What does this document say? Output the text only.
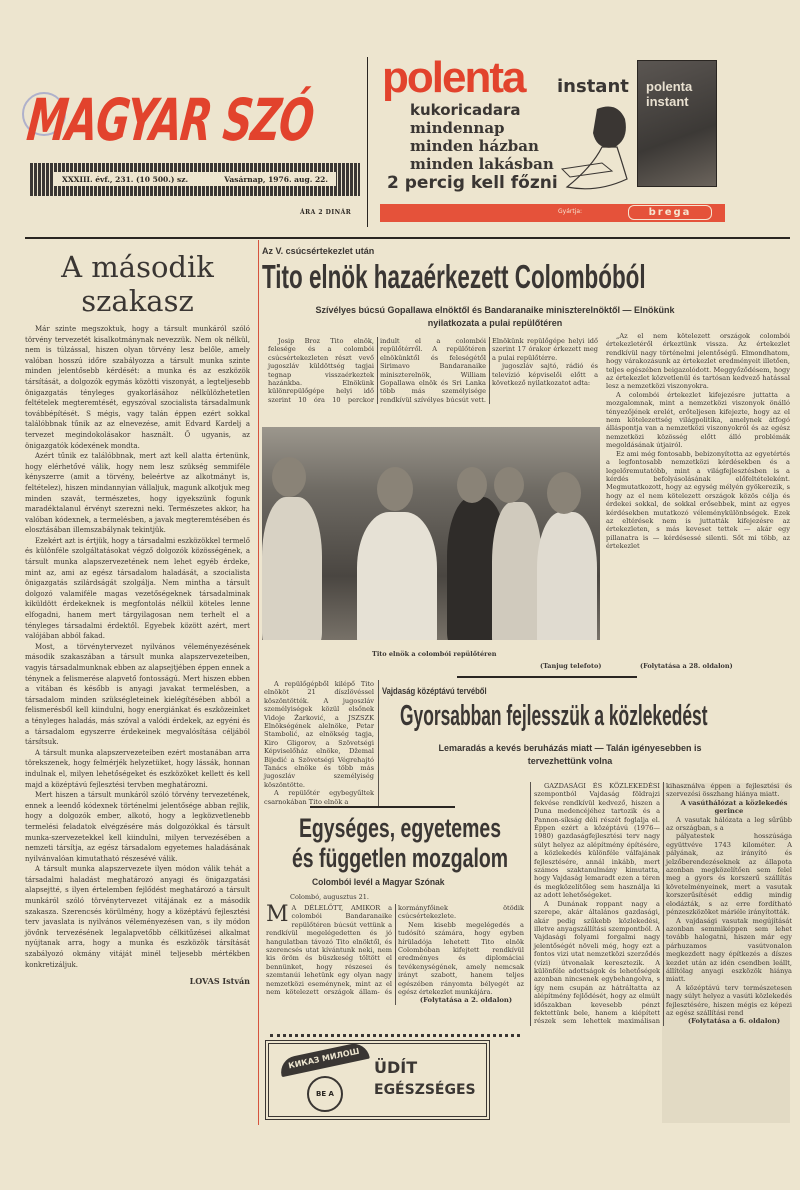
MAGYAR SZÓ
XXXIII. évf., 231. (10 500.) sz.	Vasárnap, 1976. aug. 22.
ÁRA 2 DINÁR
polenta instant
kukoricadara
mindennap
minden házban
minden lakásban
2 percig kell főzni
polenta instant
Gyártja:	brega
A második
szakasz

Már szinte megszoktuk, hogy a társult munkáról szóló törvény tervezetét kisalkotmánynak nevezzük. Nem ok nélkül, nem is túlzással, hiszen olyan törvény lesz belőle, amely valóban hosszú időre szabályozza a társult munka szinte minden jelentősebb kérdését: a munka és az eszközök társítását, a dolgozók egymás közötti viszonyát, a legteljesebb önigazgatás tényleges gyakorlásához nélkülözhetetlen feltételek megteremtését, egyszóval szocialista társadalmunk továbbépítését. S mégis, vagy talán éppen ezért sokkal találóbbnak tűnik az az elnevezése, amit Edvard Kardelj a tervezet megindokolásakor használt. Ő ugyanis, az önigazgatók kódexének mondta.

Azért tűnik ez találóbbnak, mert azt kell alatta értenünk, hogy elérhetővé válik, hogy nem lesz szükség semmiféle kényszerre (amit a törvény, beleértve az alkotmányt is, feltételez), hiszen mindannyian vállaljuk, magunk alkotjuk meg minden szavát, természetes, hogy igyekszünk fogunk maradéktalanul érvényt szerezni neki. Természetes akkor, ha valóban kódexnek, a termelésben, a javak megteremtésében és elosztásában illemszabálynak tekintjük.

Ezekért azt is értjük, hogy a társadalmi eszközökkel termelő és különféle szolgáltatásokat végző dolgozók közösségének, a társult munka alapszervezetének nem lehet egyéb érdeke, mint az, ami az egész társadalom haladását, a szocialista önigazgatás szilárdságát szolgálja. Nem mintha a társult dolgozó valamiféle magas vezetőségeknek társadalminak kiküldött érdekeknek is megfontolás nélkül köteles lenne elfogadni, hanem mert tárgyilagosan nem terhelt el a tényleges társadalmi érdektől. Egyebek között azért, mert valójában abból fakad.

Most, a törvénytervezet nyilvános véleményezésének második szakaszában a társult munka alapszervezeteiben, vagyis társadalmunknak ebben az alapsejtjében éppen ennek a ténynek a felismerése alapvető fontosságú. Mert hiszen ebben a vitában és később is anyagi javakat termelésben, a társadalom minden szükségleteinek kielégítésében abból a felismerésből kell kiindulni, hogy energiánkat és eszközeinket a tényleges haladás, más szóval a valódi érdekek, az egyéni és a társadalom egyszerre érdekeinek megvalósítása céljából társítsuk.

A társult munka alapszervezeteiben ezért mostanában arra törekszenek, hogy felmérjék helyzetüket, hogy lássák, honnan indulnak el, milyen lehetőségeket és eszközöket kellett és kell majd a középtávú fejlesztési tervben meghatározni.

Mert hiszen a társult munkáról szóló törvény tervezetének, ennek a leendő kódexnek történelmi jelentősége abban rejlik, hogy a dolgozók ember, alkotó, hogy a legközvetlenebb termelési feladatok elvégzésére más dolgozókkal és társult munka-szervezetekkel kell kiindulni, milyen tervezésében a nemzeti társítja, az egész társadalom egyetemes haladásának nyilvánvalóan kimutatható részesévé válik.

A társult munka alapszervezete ilyen módon válik tehát a társadalmi haladást meghatározó anyagi és önigazgatási alapsejtté, s ilyen értelemben fejlődést meghatározó a társult munkáról szóló törvénytervezet vitájának ez a második szakasza. Szerencsés körülmény, hogy a középtávú fejlesztési terv javaslata is nyilvános véleményezésen van, s ily módon jövőnk tervezésének legalapvetőbb célkitűzései alkalmat nyújtanak arra, hogy a munka és eszközök társítását szabályozó okmány vitáját minél teljesebb mértékben konkretizáljuk.

LOVAS István
Az V. csúcsértekezlet után
Tito elnök hazaérkezett Colombóból
Szívélyes búcsú Gopallawa elnöktől és Bandaranaike miniszterelnöktől — Elnökünk nyilatkozata a pulai repülőtéren

Josip Broz Tito elnök, felesége és a colombói csúcsértekezleten részt vevő jugoszláv küldöttség tagjai tegnap visszaérkeztek hazánkba. Elnökünk különrepülőgépe helyi idő szerint 10 óra 10 perckor indult el a colombói repülőtérről. A repülőtéren elnökünktől és feleségétől Sirimavo Bandaranaike miniszterelnök, William Gopallawa elnök és Sri Lanka több más személyisége rendkívül szívélyes búcsút vett. Elnökünk repülőgépe helyi idő szerint 17 órakor érkezett meg a pulai repülőtérre.

jugoszláv sajtó, rádió és televízió képviselői előtt a következő nyilatkozatot adta:

„Az el nem kötelezett országok colombói értekezletéről érkeztünk vissza. Az értekezlet rendkívül nagy történelmi jelentőségű. Elmondhatom, hogy várakozásunk az értekezlet eredményeit illetően, teljes egészében beigazolódott. Meggyőződésem, hogy az értekezlet közvetlenül és tartósan kedvező hatással lesz a nemzetközi viszonyokra.

A colombói értekezlet kifejezésre juttatta a mozgalomnak, mint a nemzetközi viszonyok önálló tényezőjének erelét, erőteljesen kifejezte, hogy az el nem kötelezettség világpolitika, amelynek átfogó álláspontja van a nemzetközi viszonyokról és az egész nemzetközi közösség előtt álló problémák megoldásának útjairól.

Ez ami még fontosabb, bebizonyította az egyetértés a legfontosabb nemzetközi kérdésekben és a legelőremutatóbb, mint a világfejlesztésben is a kérdés befolyásolásának előfeltételeként. Megmutatkozott, hogy az egység mélyén gyökerezik, s hogy az el nem kötelezett országok közös célja és érdekei sokkal, de sokkal erősebbek, mint az egyes kérdésekben mutatkozó véleménykülönbségek. Ezek az eltérések nem is juttatták kifejezésre az értekezleten, s más keveset tettek — akár egy pillanatra is — kérdésessé silenti. Sőt mi több, az értekezlet

(Folytatása a 28. oldalon)
Tito elnök a colombói repülőtéren
(Tanjug telefoto)

A repülőgépből kilépő Tito elnököt 21 díszlövéssel köszöntötték. A jugoszláv személyiségek közül elsőnek Vidoje Žarković, a JSZSZK Elnökségének alelnöke, Petar Stambolić, az elnökség tagja, Kiro Gligorov, a Szövetségi Képviselőház elnöke, Džemal Bijedić a Szövetségi Végrehajtó Tanács elnöke és több más jugoszláv személyiség köszöntötte.

A repülőtér egybegyűltek csarnokában Tito elnök a

Vajdaság középtávú tervéből
Gyorsabban fejlesszük a közlekedést
Lemaradás a kevés beruházás miatt — Talán igényesebben is tervezhettünk volna

GAZDASÁGI ÉS KÖZLEKEDÉSI szempontból Vajdaság földrajzi fekvése rendkívül kedvező, hiszen a Duna medencéjéhez tartozik és a Pannon-síkság déli részét foglalja el. Éppen ezért a középtávú (1976—1980) gazdaságfejlesztési terv nagy súlyt helyez az alépítmény építésére, a közlekedés különféle válfajának fejlesztésére, annál inkább, mert számos szaktanulmány kimutatta, hogy Vajdaság lemaradt ezen a téren és megközelítőleg sem használja ki az adott lehetőségeket.

A Dunának roppant nagy a szerepe, akár általános gazdasági, akár pedig szűkebb közlekedési, illetve anyagszállítási szempontból. A Vajdasági folyami forgalmi nagy jelentőségét növeli még, hogy ezt a fontos vizi utat nemzetközi szerződés (vízi) útvonalak keresztezik. A különféle adottságok és lehetőségek azonban nincsenek egybehangolva, s így nem csupán az hátráltatta az alépítmény fejlődését, hogy az elmúlt időszakban kevesebb pénzt fektettünk bele, hanem a kiépített részek sem lehettek maximálisan kihasználva éppen a fejlesztési és szervezési összhang hiánya miatt.

A vasúthálózat a közlekedés gerince

A vasutak hálózata a leg sűrűbb az országban, s a

pályatestek hosszúsága együttvéve 1743 kilométer. A pályának, az irányító és jelzőberendezéseknek az állapota azonban megközelítően sem felel meg a gyors és korszerű szállítás követelményeinek, mert a vasutak korszerűsítését eddig mindig elodázták, s az erre fordítható pénzeszközöket máriéle irányították.

A vajdasági vasutak megújítását azonban semmiképpen sem lehet tovább halogatni, hiszen már egy párhuzamos vasútvonalon megkezdett nagy építkezés a díszes kezdet után az idén csendben leállt, állítólag anyagi eszközök hiánya miatt.

A középtávú terv természetesen nagy súlyt helyez a vasúti közlekedés fejlesztésére, hiszen mégis ez képezi az egész szállítási rend

(Folytatása a 6. oldalon)

Egységes, egyetemes
és független mozgalom
Colombói levél a Magyar Szónak
Colombó, augusztus 21.
M A DÉLELŐTT, AMIKOR a colombói Bandaranaike repülőtéren búcsút vettünk a rendkívül megelégedetten és jó hangulatban távozó Tito elnöktől, és szerencsés utat kívántunk neki, nem kis öröm és büszkeség töltött el bennünket, hogy részesei és szemtanúi lehetünk egy olyan nagy nemzetközi eseménynek, mint az el nem kötelezett országok állam- és kormányfőinek ötödik csúcsértekezlete.

Nem kisebb megelégedés a tudósító számára, hogy egyben hírüladója lehetett Tito elnök Colombóban kifejtett rendkívül eredményes és diplomáciai tevékenységének, amely nemcsak irányt szabott, hanem teljes egészében rányomta bélyegét az egész értekezlet munkájára.

(Folytatása a 2. oldalon)

КИКАЗ МИЛОШ
BE A
ÜDÍT
EGÉSZSÉGES
